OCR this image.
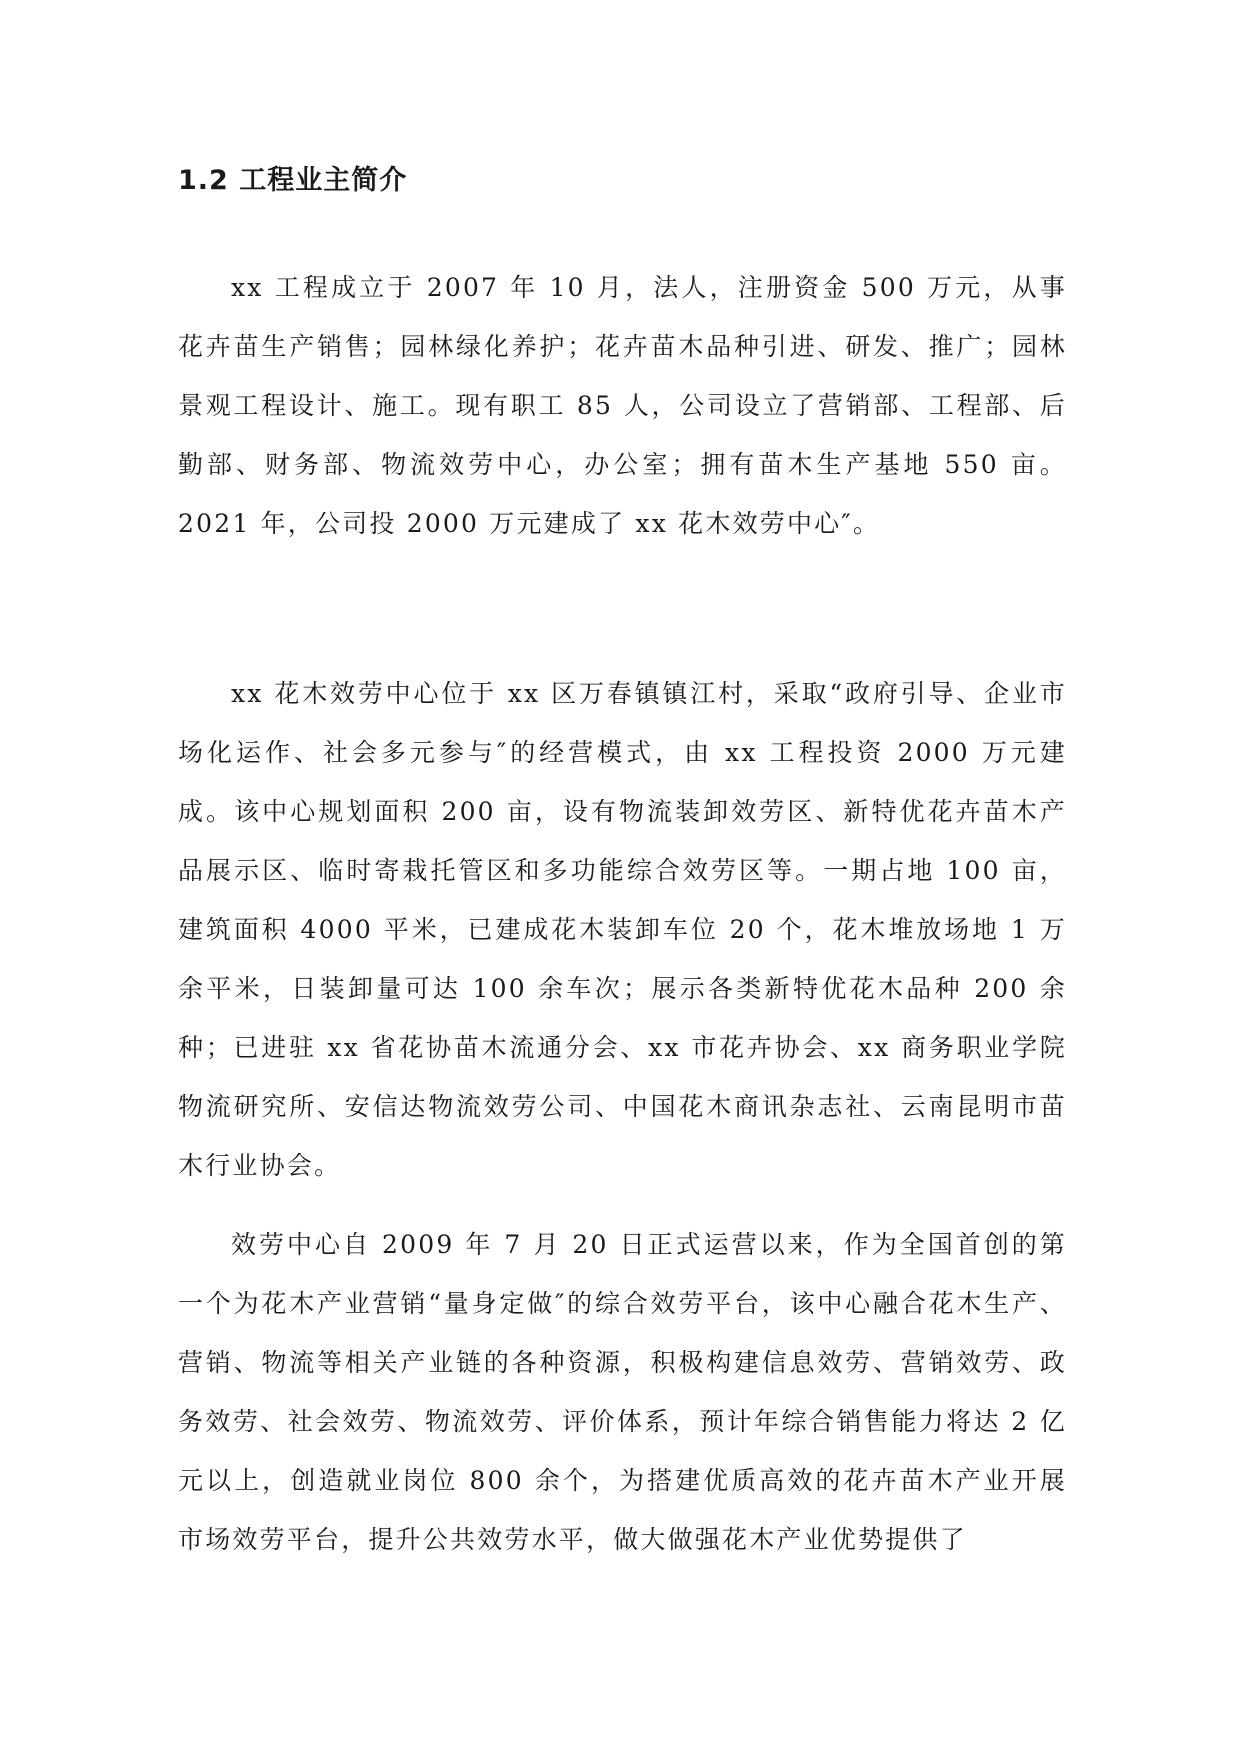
1.2 工程业主简介

xx 工程成立于 2007 年 10 月，法人，注册资金 500 万元，从事花卉苗生产销售；园林绿化养护；花卉苗木品种引进、研发、推广；园林景观工程设计、施工。现有职工 85 人，公司设立了营销部、工程部、后勤部、财务部、物流效劳中心，办公室；拥有苗木生产基地 550 亩。2021 年，公司投 2000 万元建成了 xx 花木效劳中心″。

xx 花木效劳中心位于 xx 区万春镇镇江村，采取“政府引导、企业市场化运作、社会多元参与″的经营模式，由 xx 工程投资 2000 万元建成。该中心规划面积 200 亩，设有物流装卸效劳区、新特优花卉苗木产品展示区、临时寄栽托管区和多功能综合效劳区等。一期占地 100 亩，建筑面积 4000 平米，已建成花木装卸车位 20 个，花木堆放场地 1 万余平米，日装卸量可达 100 余车次；展示各类新特优花木品种 200 余种；已进驻 xx 省花协苗木流通分会、xx 市花卉协会、xx 商务职业学院物流研究所、安信达物流效劳公司、中国花木商讯杂志社、云南昆明市苗木行业协会。

效劳中心自 2009 年 7 月 20 日正式运营以来，作为全国首创的第一个为花木产业营销“量身定做″的综合效劳平台，该中心融合花木生产、营销、物流等相关产业链的各种资源，积极构建信息效劳、营销效劳、政务效劳、社会效劳、物流效劳、评价体系，预计年综合销售能力将达 2 亿元以上，创造就业岗位 800 余个，为搭建优质高效的花卉苗木产业开展市场效劳平台，提升公共效劳水平，做大做强花木产业优势提供了
